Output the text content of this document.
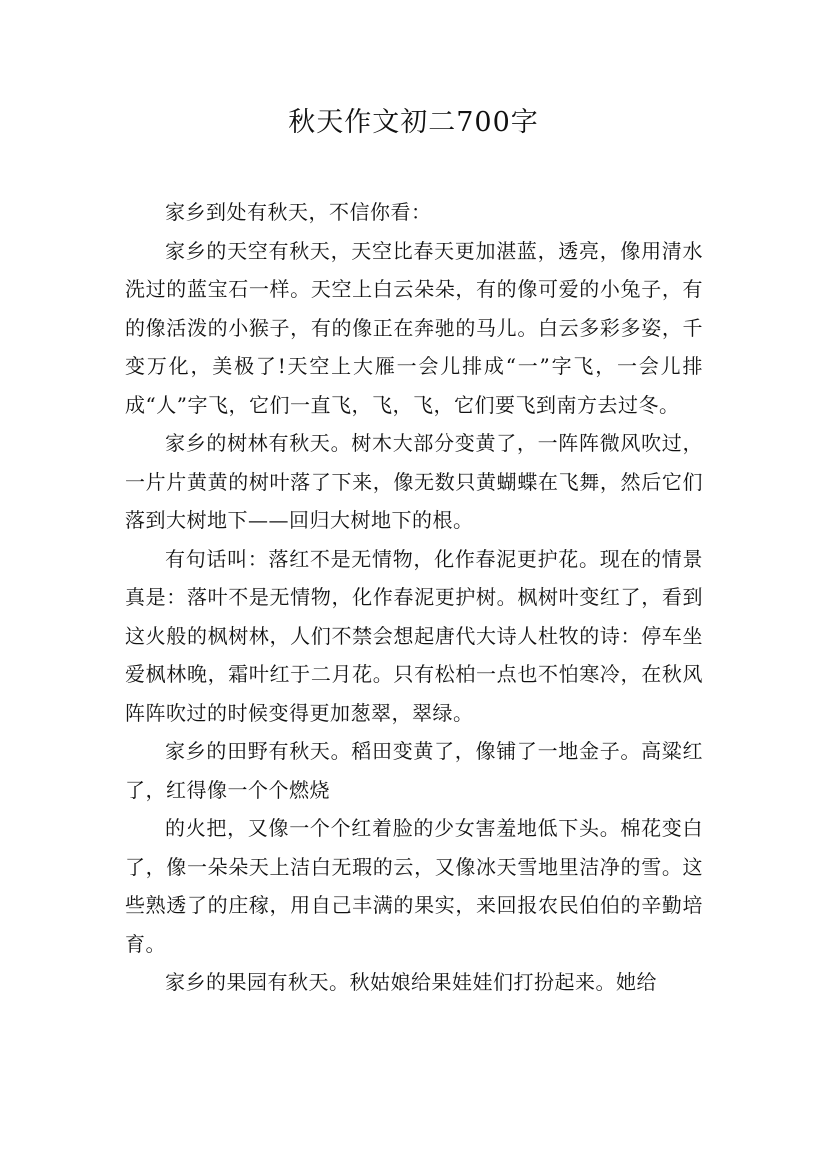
秋天作文初二700字

家乡到处有秋天，不信你看：

家乡的天空有秋天，天空比春天更加湛蓝，透亮，像用清水洗过的蓝宝石一样。天空上白云朵朵，有的像可爱的小兔子，有的像活泼的小猴子，有的像正在奔驰的马儿。白云多彩多姿，千变万化，美极了!天空上大雁一会儿排成“一”字飞，一会儿排成“人”字飞，它们一直飞，飞，飞，它们要飞到南方去过冬。

家乡的树林有秋天。树木大部分变黄了，一阵阵微风吹过，一片片黄黄的树叶落了下来，像无数只黄蝴蝶在飞舞，然后它们落到大树地下——回归大树地下的根。

有句话叫：落红不是无情物，化作春泥更护花。现在的情景真是：落叶不是无情物，化作春泥更护树。枫树叶变红了，看到这火般的枫树林，人们不禁会想起唐代大诗人杜牧的诗：停车坐爱枫林晚，霜叶红于二月花。只有松柏一点也不怕寒冷，在秋风阵阵吹过的时候变得更加葱翠，翠绿。

家乡的田野有秋天。稻田变黄了，像铺了一地金子。高粱红了，红得像一个个燃烧

的火把，又像一个个红着脸的少女害羞地低下头。棉花变白了，像一朵朵天上洁白无瑕的云，又像冰天雪地里洁净的雪。这些熟透了的庄稼，用自己丰满的果实，来回报农民伯伯的辛勤培育。

家乡的果园有秋天。秋姑娘给果娃娃们打扮起来。她给
